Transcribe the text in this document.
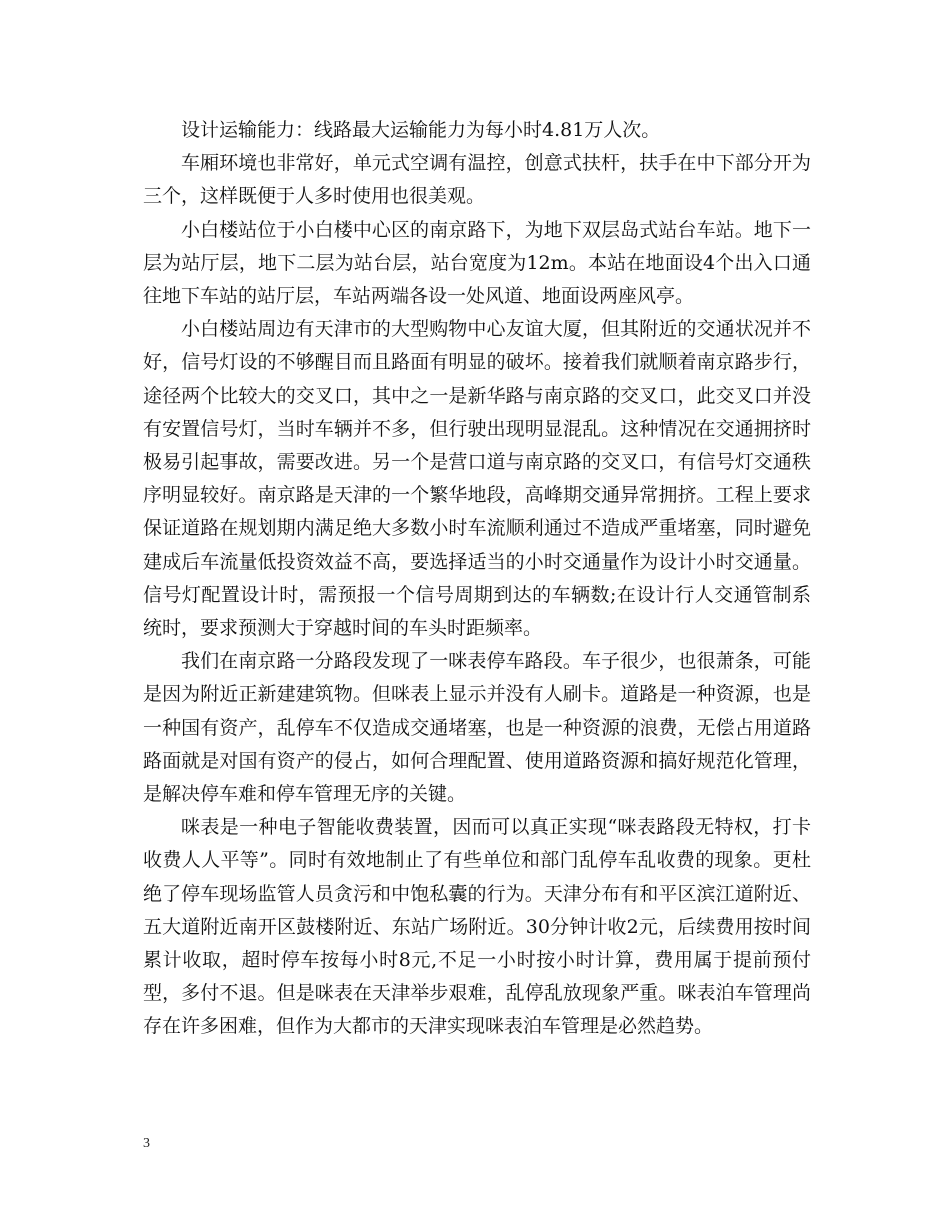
设计运输能力：线路最大运输能力为每小时4.81万人次。

车厢环境也非常好，单元式空调有温控，创意式扶杆，扶手在中下部分开为三个，这样既便于人多时使用也很美观。

小白楼站位于小白楼中心区的南京路下，为地下双层岛式站台车站。地下一层为站厅层，地下二层为站台层，站台宽度为12m。本站在地面设4个出入口通往地下车站的站厅层，车站两端各设一处风道、地面设两座风亭。

小白楼站周边有天津市的大型购物中心友谊大厦，但其附近的交通状况并不好，信号灯设的不够醒目而且路面有明显的破坏。接着我们就顺着南京路步行，途径两个比较大的交叉口，其中之一是新华路与南京路的交叉口，此交叉口并没有安置信号灯，当时车辆并不多，但行驶出现明显混乱。这种情况在交通拥挤时极易引起事故，需要改进。另一个是营口道与南京路的交叉口，有信号灯交通秩序明显较好。南京路是天津的一个繁华地段，高峰期交通异常拥挤。工程上要求保证道路在规划期内满足绝大多数小时车流顺利通过不造成严重堵塞，同时避免建成后车流量低投资效益不高，要选择适当的小时交通量作为设计小时交通量。信号灯配置设计时，需预报一个信号周期到达的车辆数;在设计行人交通管制系统时，要求预测大于穿越时间的车头时距频率。

我们在南京路一分路段发现了一咪表停车路段。车子很少，也很萧条，可能是因为附近正新建建筑物。但咪表上显示并没有人刷卡。道路是一种资源，也是一种国有资产，乱停车不仅造成交通堵塞，也是一种资源的浪费，无偿占用道路路面就是对国有资产的侵占，如何合理配置、使用道路资源和搞好规范化管理，是解决停车难和停车管理无序的关键。

咪表是一种电子智能收费装置，因而可以真正实现“咪表路段无特权，打卡收费人人平等”。同时有效地制止了有些单位和部门乱停车乱收费的现象。更杜绝了停车现场监管人员贪污和中饱私囊的行为。天津分布有和平区滨江道附近、五大道附近南开区鼓楼附近、东站广场附近。30分钟计收2元，后续费用按时间累计收取，超时停车按每小时8元,不足一小时按小时计算，费用属于提前预付型，多付不退。但是咪表在天津举步艰难，乱停乱放现象严重。咪表泊车管理尚存在许多困难，但作为大都市的天津实现咪表泊车管理是必然趋势。

3
